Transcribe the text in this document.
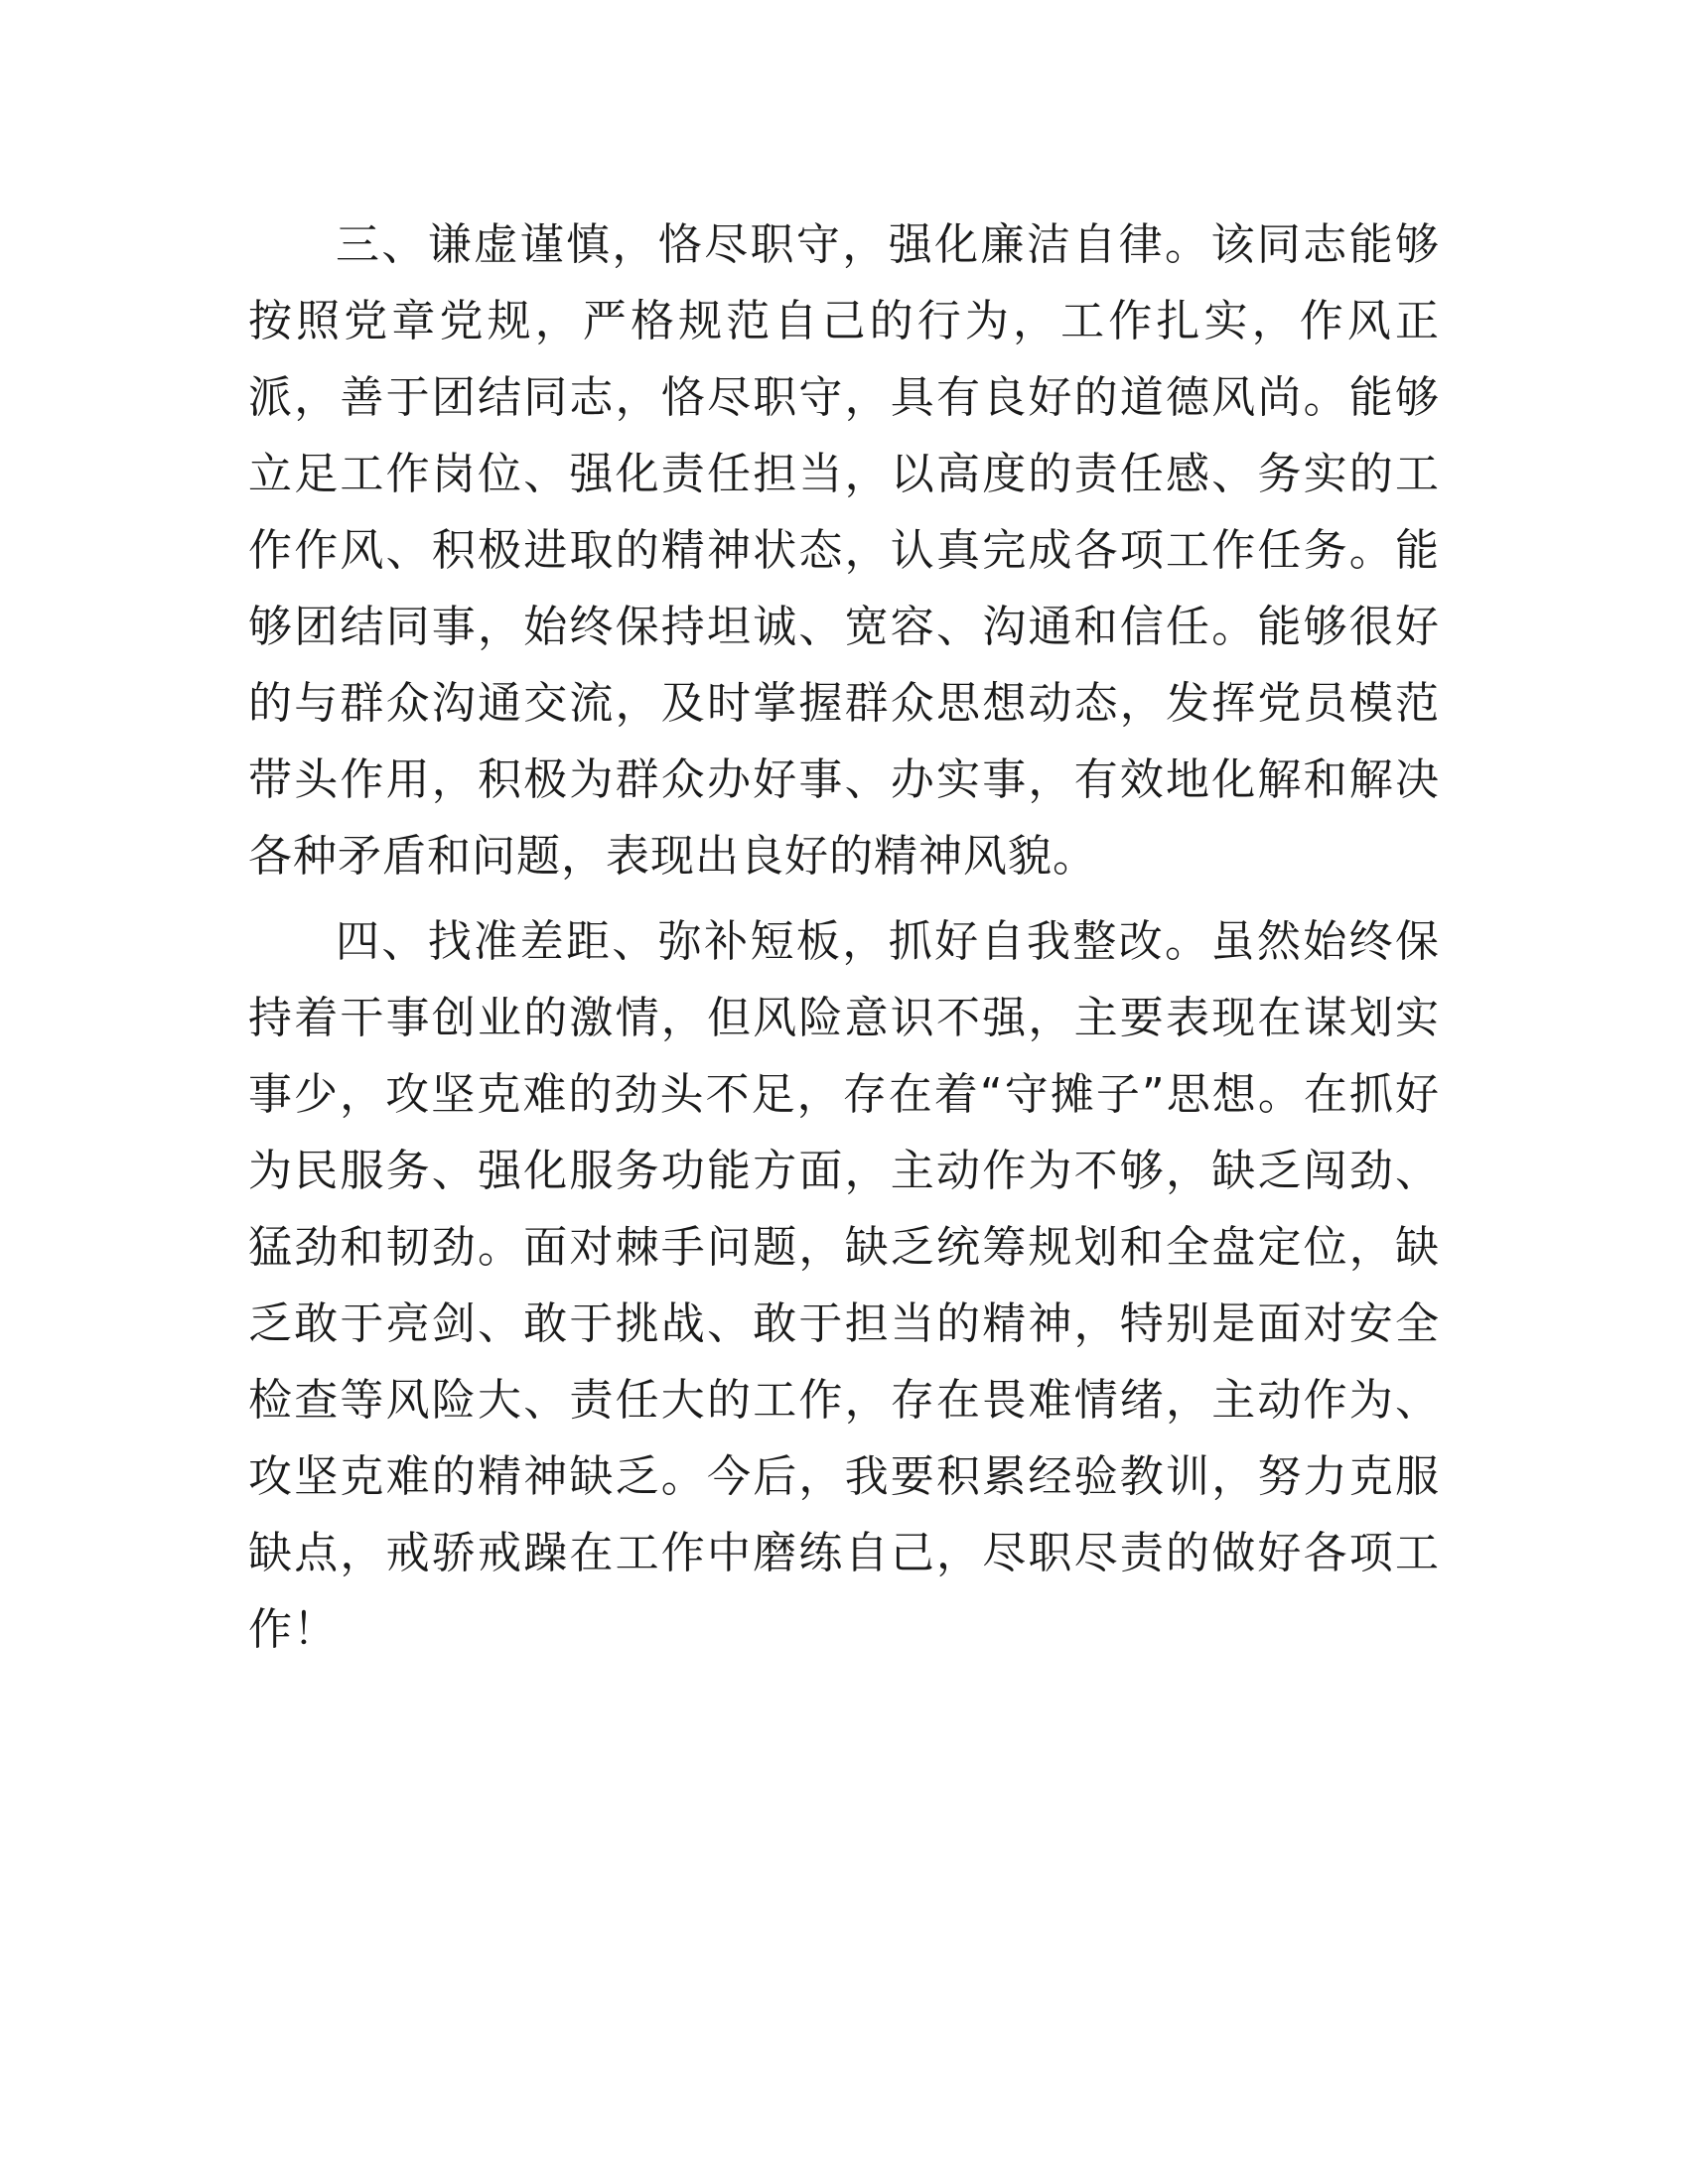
三、谦虚谨慎，恪尽职守，强化廉洁自律。该同志能够按照党章党规，严格规范自己的行为，工作扎实，作风正派，善于团结同志，恪尽职守，具有良好的道德风尚。能够立足工作岗位、强化责任担当，以高度的责任感、务实的工作作风、积极进取的精神状态，认真完成各项工作任务。能够团结同事，始终保持坦诚、宽容、沟通和信任。能够很好的与群众沟通交流，及时掌握群众思想动态，发挥党员模范带头作用，积极为群众办好事、办实事，有效地化解和解决各种矛盾和问题，表现出良好的精神风貌。

四、找准差距、弥补短板，抓好自我整改。虽然始终保持着干事创业的激情，但风险意识不强，主要表现在谋划实事少，攻坚克难的劲头不足，存在着“守摊子”思想。在抓好为民服务、强化服务功能方面，主动作为不够，缺乏闯劲、猛劲和韧劲。面对棘手问题，缺乏统筹规划和全盘定位，缺乏敢于亮剑、敢于挑战、敢于担当的精神，特别是面对安全检查等风险大、责任大的工作，存在畏难情绪，主动作为、攻坚克难的精神缺乏。今后，我要积累经验教训，努力克服缺点，戒骄戒躁在工作中磨练自己，尽职尽责的做好各项工作！
